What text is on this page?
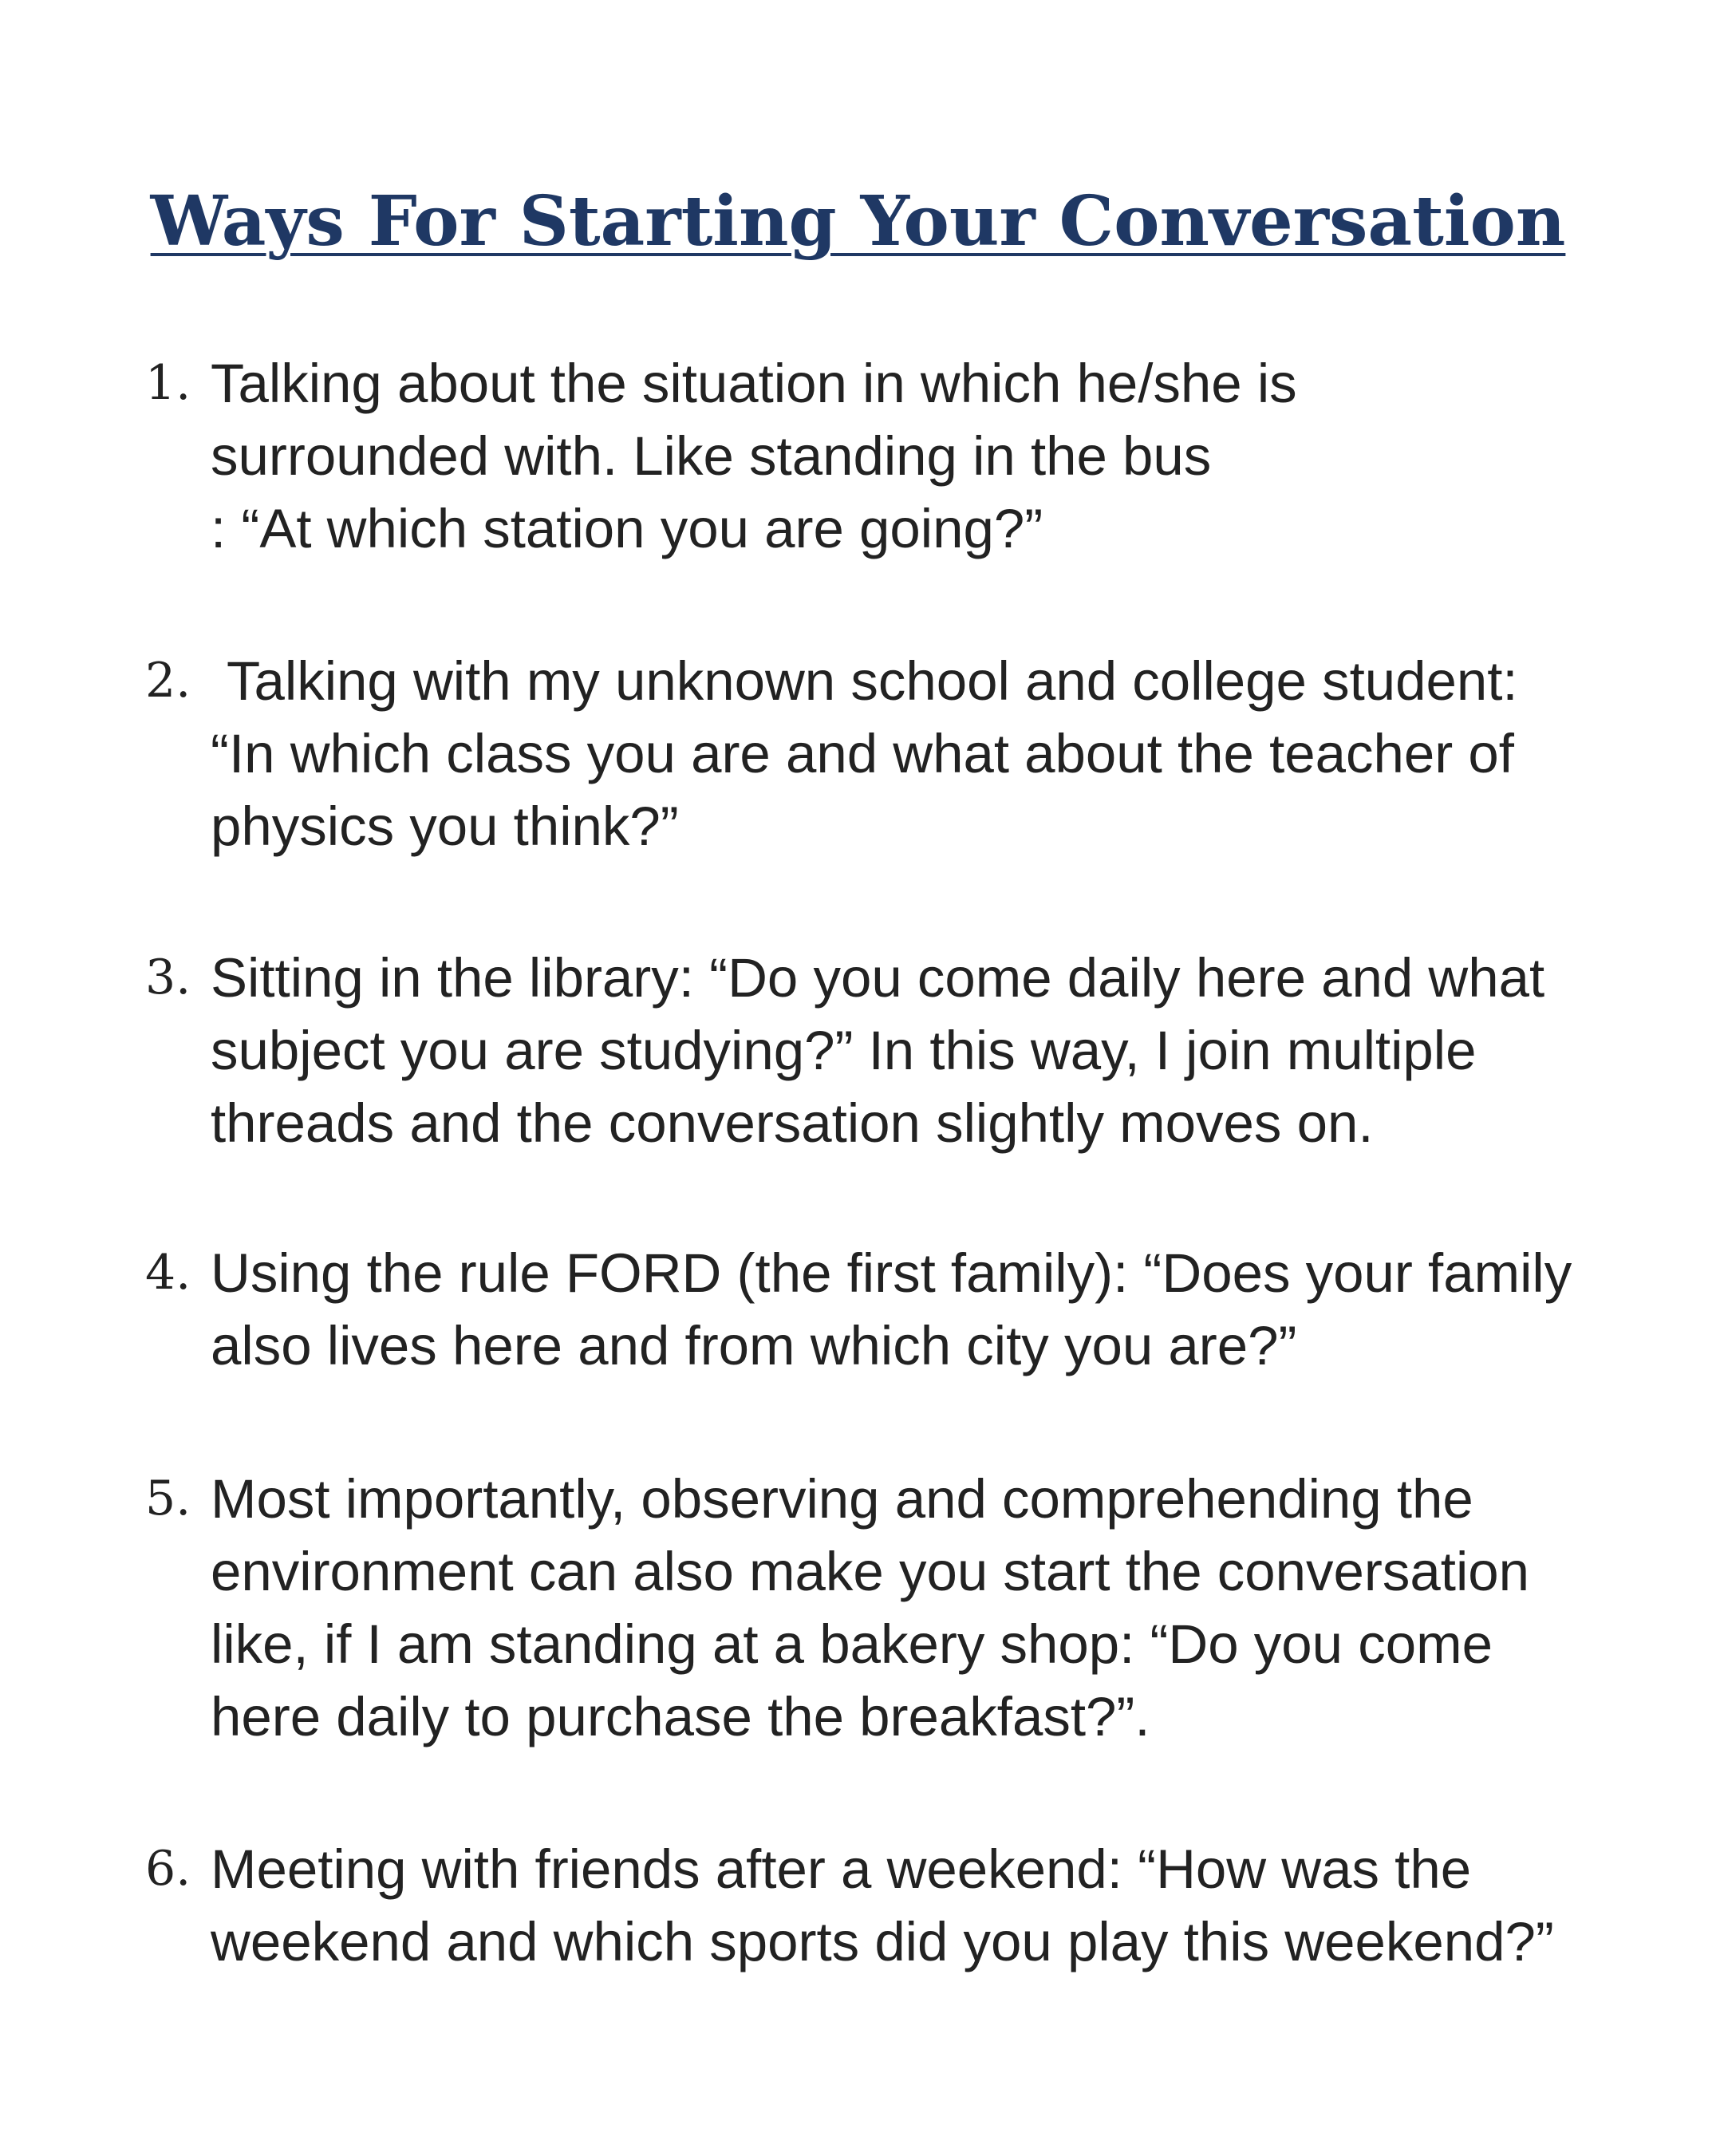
Ways For Starting Your Conversation
1. Talking about the situation in which he/she is
surrounded with. Like standing in the bus
: “At which station you are going?”

2. Talking with my unknown school and college student:
“In which class you are and what about the teacher of
physics you think?”

3. Sitting in the library: “Do you come daily here and what
subject you are studying?” In this way, I join multiple
threads and the conversation slightly moves on.

4. Using the rule FORD (the first family): “Does your family
also lives here and from which city you are?”

5. Most importantly, observing and comprehending the
environment can also make you start the conversation
like, if I am standing at a bakery shop: “Do you come
here daily to purchase the breakfast?”.

6. Meeting with friends after a weekend: “How was the
weekend and which sports did you play this weekend?”
